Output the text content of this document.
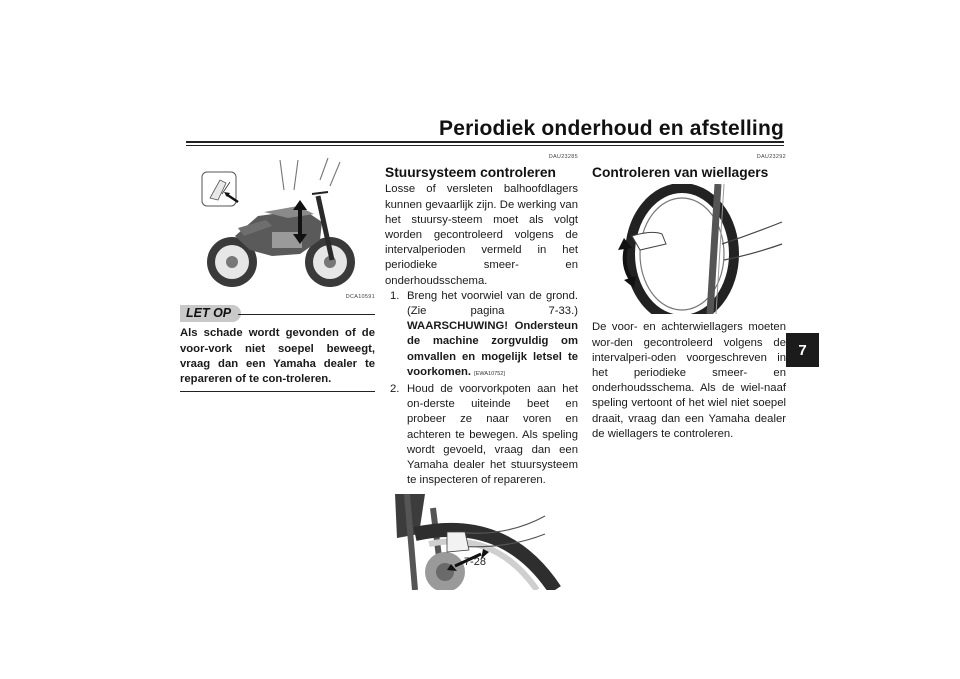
Periodiek onderhoud en afstelling
7
DCA10591
LET OP
Als schade wordt gevonden of de voor-vork niet soepel beweegt, vraag dan een Yamaha dealer te repareren of te con-troleren.
DAU23285
Stuursysteem controleren

Losse of versleten balhoofdlagers kunnen gevaarlijk zijn. De werking van het stuursy-steem moet als volgt worden gecontroleerd volgens de intervalperioden vermeld in het periodieke smeer- en onderhoudsschema.

1. Breng het voorwiel van de grond. (Zie pagina 7-33.) WAARSCHUWING! Ondersteun de machine zorgvuldig om omvallen en mogelijk letsel te voorkomen. [EWA10752]
2. Houd de voorvorkpoten aan het on-derste uiteinde beet en probeer ze naar voren en achteren te bewegen. Als speling wordt gevoeld, vraag dan een Yamaha dealer het stuursysteem te inspecteren of repareren.
DAU23292
Controleren van wiellagers

De voor- en achterwiellagers moeten wor-den gecontroleerd volgens de intervalperi-oden voorgeschreven in het periodieke smeer- en onderhoudsschema. Als de wiel-naaf speling vertoont of het wiel niet soepel draait, vraag dan een Yamaha dealer de wiellagers te controleren.

7-28
